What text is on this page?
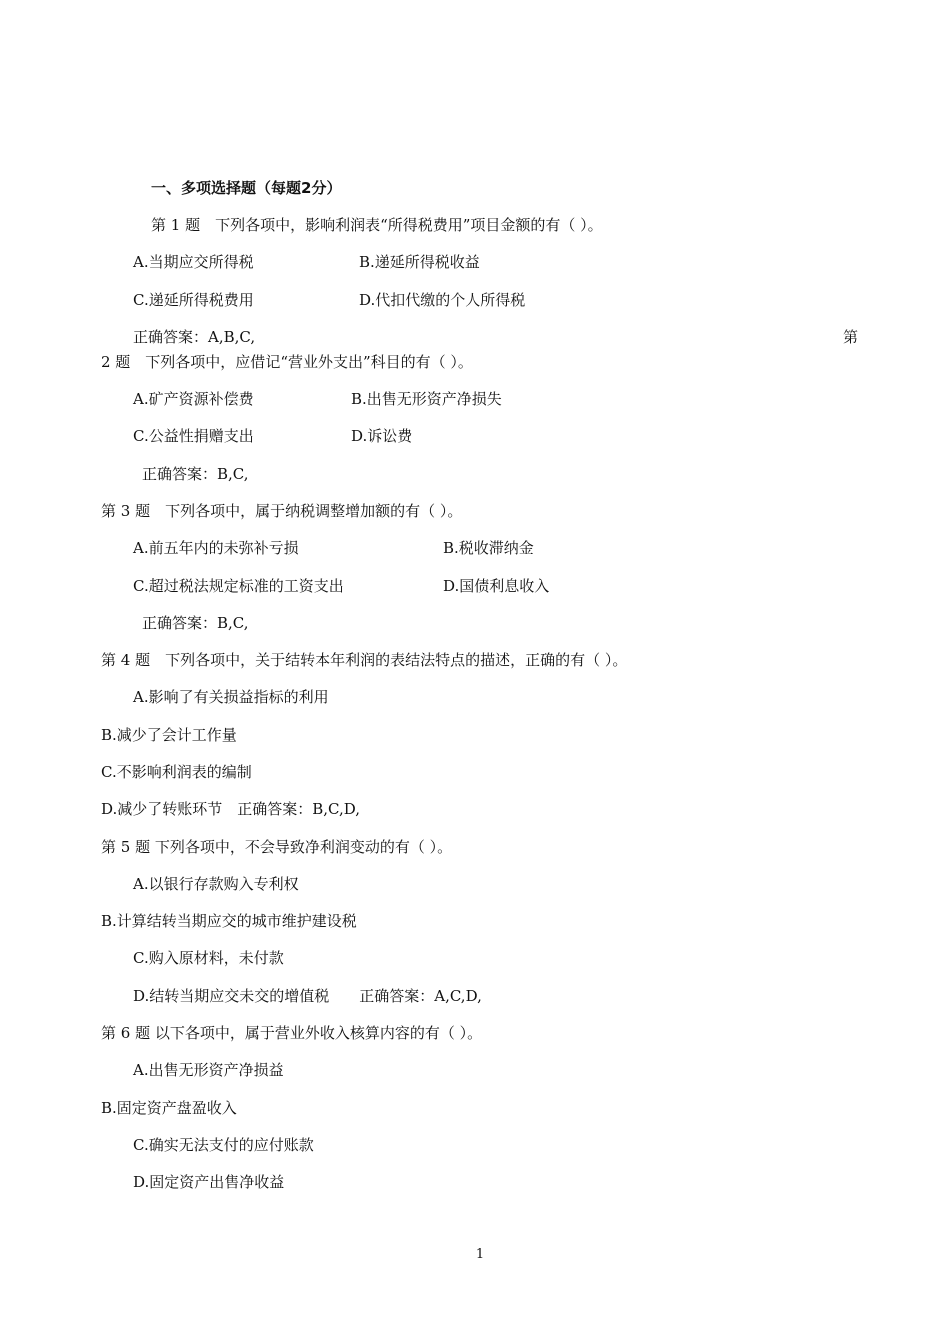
一、多项选择题（每题2分）
第 1 题　下列各项中，影响利润表“所得税费用”项目金额的有（ ）。
A.当期应交所得税	B.递延所得税收益
C.递延所得税费用	D.代扣代缴的个人所得税
正确答案：A,B,C,	第
2 题　下列各项中，应借记“营业外支出”科目的有（ ）。
A.矿产资源补偿费	B.出售无形资产净损失
C.公益性捐赠支出	D.诉讼费
正确答案：B,C,
第 3 题　下列各项中，属于纳税调整增加额的有（ ）。
A.前五年内的未弥补亏损	B.税收滞纳金
C.超过税法规定标准的工资支出	D.国债利息收入
正确答案：B,C,
第 4 题　下列各项中，关于结转本年利润的表结法特点的描述，正确的有（ ）。
A.影响了有关损益指标的利用
B.减少了会计工作量
C.不影响利润表的编制
D.减少了转账环节　正确答案：B,C,D,
第 5 题 下列各项中，不会导致净利润变动的有（ ）。
A.以银行存款购入专利权
B.计算结转当期应交的城市维护建设税
C.购入原材料，未付款
D.结转当期应交未交的增值税　　正确答案：A,C,D,
第 6 题 以下各项中，属于营业外收入核算内容的有（ ）。
A.出售无形资产净损益
B.固定资产盘盈收入
C.确实无法支付的应付账款
D.固定资产出售净收益
1
